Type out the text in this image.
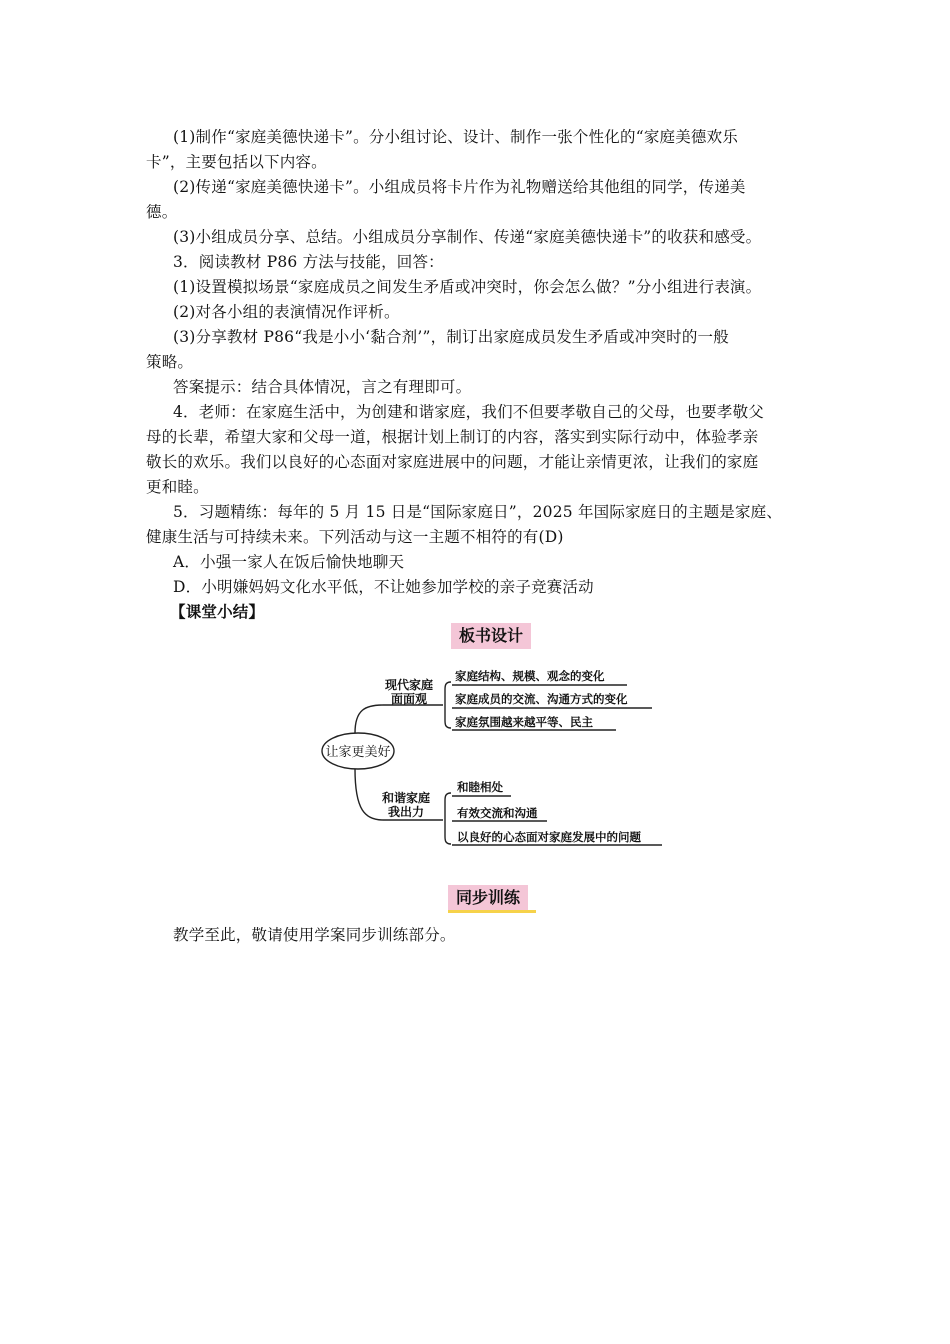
(1)制作“家庭美德快递卡”。分小组讨论、设计、制作一张个性化的“家庭美德欢乐
卡”，主要包括以下内容。
(2)传递“家庭美德快递卡”。小组成员将卡片作为礼物赠送给其他组的同学，传递美
德。
(3)小组成员分享、总结。小组成员分享制作、传递“家庭美德快递卡”的收获和感受。
3．阅读教材 P86 方法与技能，回答：
(1)设置模拟场景“家庭成员之间发生矛盾或冲突时，你会怎么做？”分小组进行表演。
(2)对各小组的表演情况作评析。
(3)分享教材 P86“我是小小‘黏合剂’”，制订出家庭成员发生矛盾或冲突时的一般
策略。
答案提示：结合具体情况，言之有理即可。
4．老师：在家庭生活中，为创建和谐家庭，我们不但要孝敬自己的父母，也要孝敬父
母的长辈，希望大家和父母一道，根据计划上制订的内容，落实到实际行动中，体验孝亲
敬长的欢乐。我们以良好的心态面对家庭进展中的问题，才能让亲情更浓，让我们的家庭
更和睦。
5．习题精练：每年的 5 月 15 日是“国际家庭日”，2025 年国际家庭日的主题是家庭、
健康生活与可持续未来。下列活动与这一主题不相符的有(D)
A．小强一家人在饭后愉快地聊天
D．小明嫌妈妈文化水平低，不让她参加学校的亲子竞赛活动
【课堂小结】
板书设计
让家更美好
现代家庭
面面观
家庭结构、规模、观念的变化
家庭成员的交流、沟通方式的变化
家庭氛围越来越平等、民主
和谐家庭
我出力
和睦相处
有效交流和沟通
以良好的心态面对家庭发展中的问题
同步训练
教学至此，敬请使用学案同步训练部分。
